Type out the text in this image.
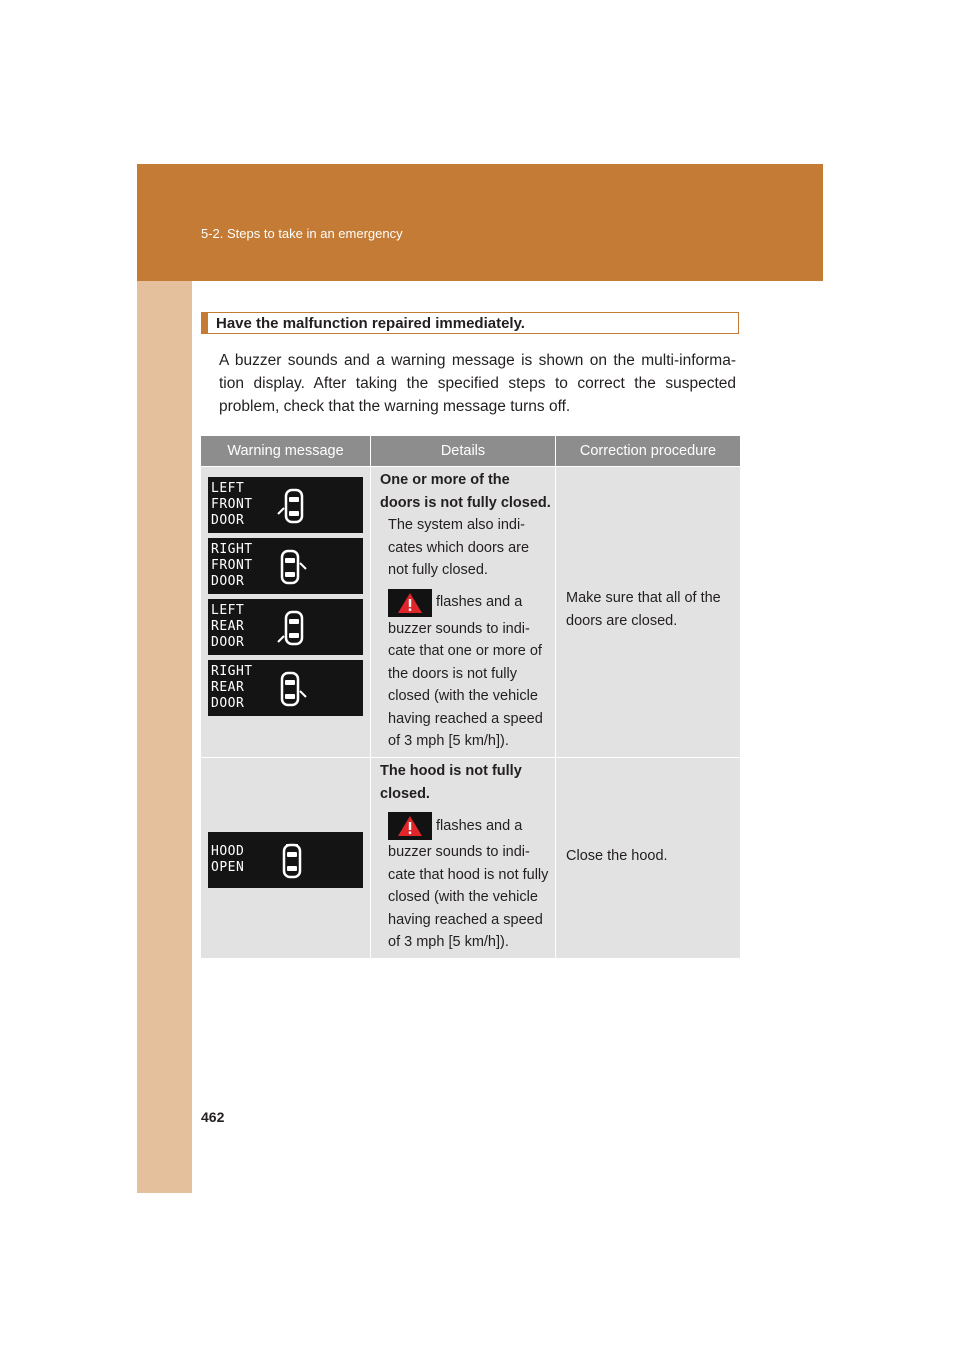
5-2. Steps to take in an emergency
Have the malfunction repaired immediately.
A buzzer sounds and a warning message is shown on the multi-informa- tion display. After taking the specified steps to correct the suspected problem, check that the warning message turns off.
Warning message	Details	Correction procedure
LEFT
FRONT
DOOR
RIGHT
FRONT
DOOR
LEFT
REAR
DOOR
RIGHT
REAR
DOOR
One or more of the doors is not fully closed.
The system also indi- cates which doors are not fully closed.
flashes and a
buzzer sounds to indi- cate that one or more of the doors is not fully closed (with the vehicle having reached a speed of 3 mph [5 km/h]).
Make sure that all of the doors are closed.
HOOD
OPEN
The hood is not fully closed.
flashes and a
buzzer sounds to indi- cate that hood is not fully closed (with the vehicle having reached a speed of 3 mph [5 km/h]).
Close the hood.
462
